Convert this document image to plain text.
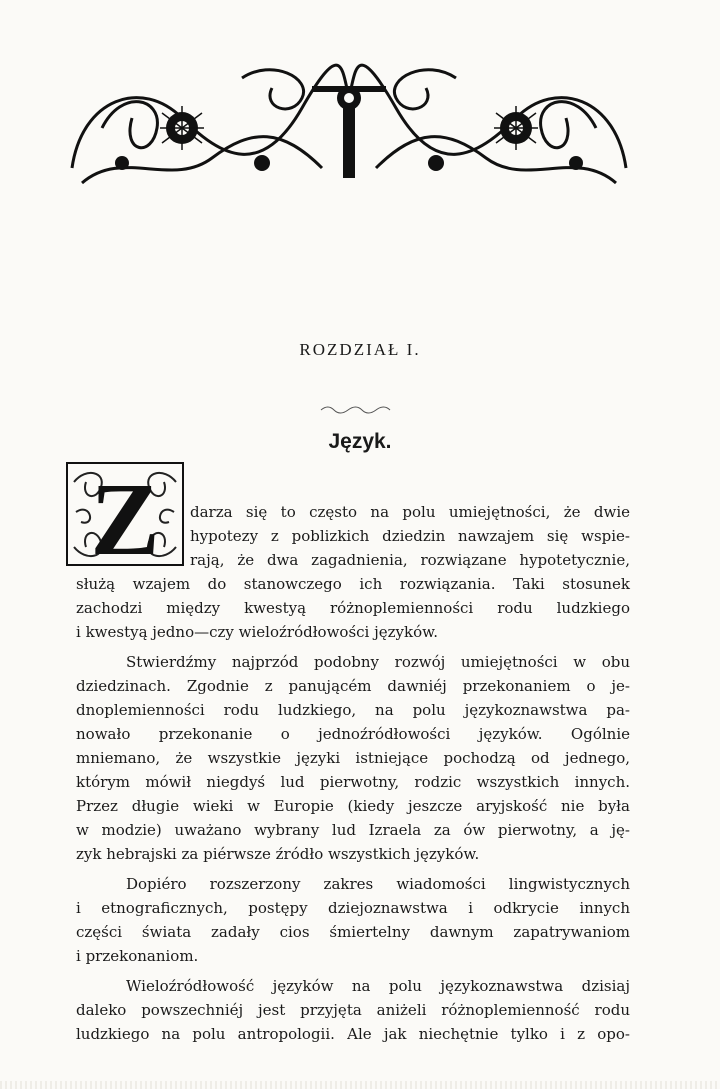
ROZDZIAŁ I.
Język.
Z darza się to często na polu umiejętności, że dwie
hypotezy z poblizkich dziedzin nawzajem się wspie-
rają, że dwa zagadnienia, rozwiązane hypotetycznie,
służą wzajem do stanowczego ich rozwiązania. Taki stosunek
zachodzi między kwestyą różnoplemienności rodu ludzkiego
i kwestyą jedno—czy wieloźródłowości języków.
Stwierdźmy najprzód podobny rozwój umiejętności w obu
dziedzinach. Zgodnie z panującém dawniéj przekonaniem o je-
dnoplemienności rodu ludzkiego, na polu językoznawstwa pa-
nowało przekonanie o jednoźródłowości języków. Ogólnie
mniemano, że wszystkie języki istniejące pochodzą od jednego,
którym mówił niegdyś lud pierwotny, rodzic wszystkich innych.
Przez długie wieki w Europie (kiedy jeszcze aryjskość nie była
w modzie) uważano wybrany lud Izraela za ów pierwotny, a ję-
zyk hebrajski za piérwsze źródło wszystkich języków.
Dopiéro rozszerzony zakres wiadomości lingwistycznych
i etnograficznych, postępy dziejoznawstwa i odkrycie innych
części świata zadały cios śmiertelny dawnym zapatrywaniom
i przekonaniom.
Wieloźródłowość języków na polu językoznawstwa dzisiaj
daleko powszechniéj jest przyjęta aniżeli różnoplemienność rodu
ludzkiego na polu antropologii. Ale jak niechętnie tylko i z opo-
